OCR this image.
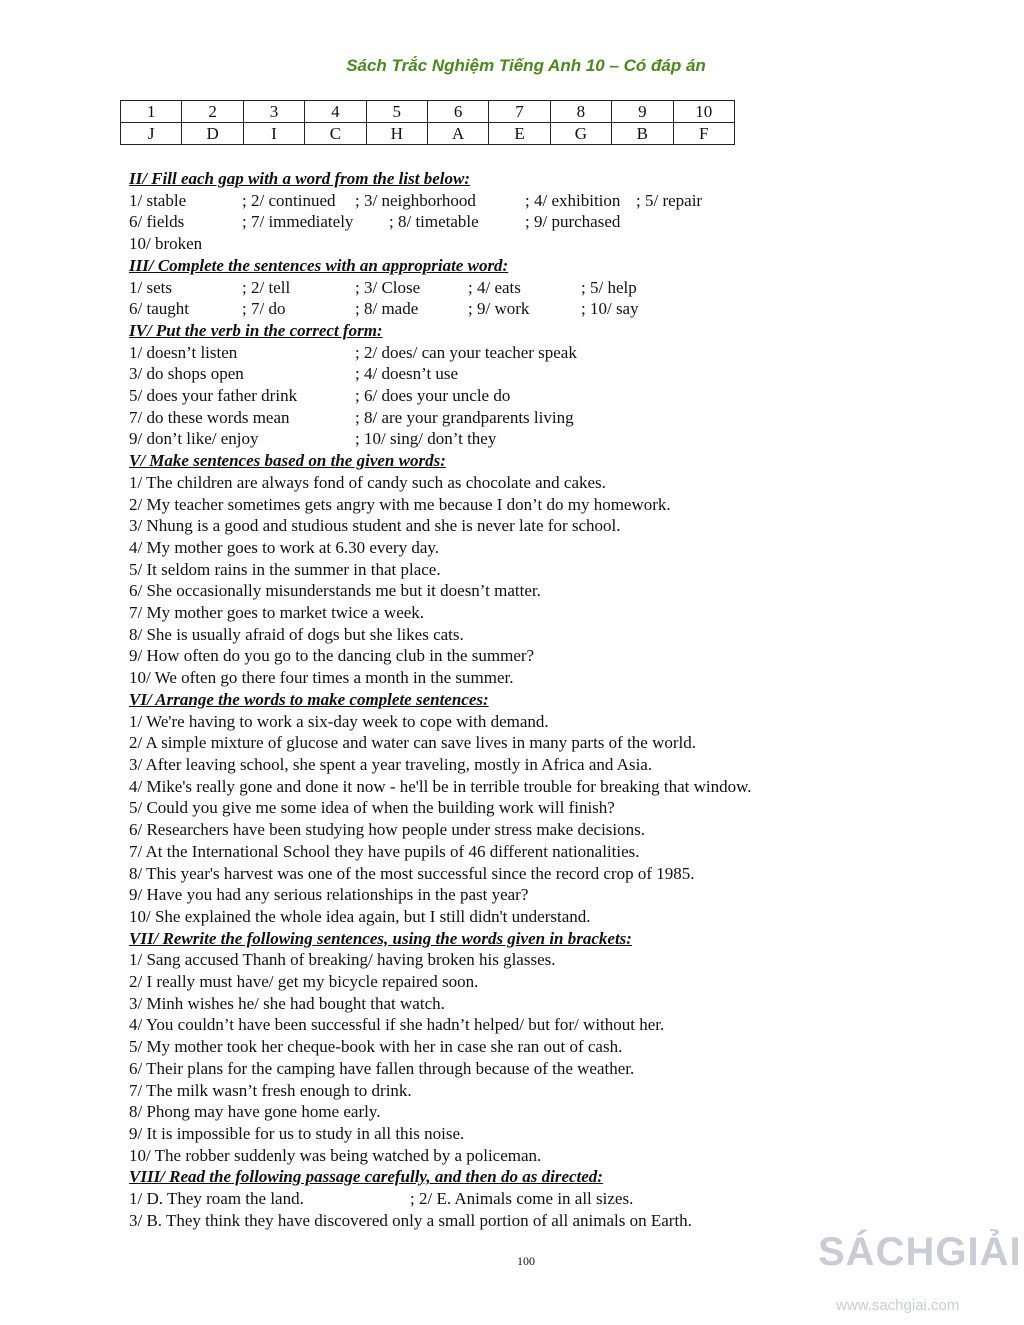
Sách Trắc Nghiệm Tiếng Anh 10 – Có đáp án
1	2	3	4	5	6	7	8	9	10
J	D	I	C	H	A	E	G	B	F
II/ Fill each gap with a word from the list below:
1/ stable	; 2/ continued	; 3/ neighborhood	; 4/ exhibition ; 5/ repair
6/ fields	; 7/ immediately	; 8/ timetable	; 9/ purchased
10/ broken
III/ Complete the sentences with an appropriate word:
1/ sets	; 2/ tell	; 3/ Close	; 4/ eats	; 5/ help
6/ taught	; 7/ do	; 8/ made	; 9/ work	; 10/ say
IV/ Put the verb in the correct form:
1/ doesn’t listen	; 2/ does/ can your teacher speak
3/ do shops open	; 4/ doesn’t use
5/ does your father drink	; 6/ does your uncle do
7/ do these words mean	; 8/ are your grandparents living
9/ don’t like/ enjoy	; 10/ sing/ don’t they
V/ Make sentences based on the given words:
1/ The children are always fond of candy such as chocolate and cakes.
2/ My teacher sometimes gets angry with me because I don’t do my homework.
3/ Nhung is a good and studious student and she is never late for school.
4/ My mother goes to work at 6.30 every day.
5/ It seldom rains in the summer in that place.
6/ She occasionally misunderstands me but it doesn’t matter.
7/ My mother goes to market twice a week.
8/ She is usually afraid of dogs but she likes cats.
9/ How often do you go to the dancing club in the summer?
10/ We often go there four times a month in the summer.
VI/ Arrange the words to make complete sentences:
1/ We're having to work a six-day week to cope with demand.
2/ A simple mixture of glucose and water can save lives in many parts of the world.
3/ After leaving school, she spent a year traveling, mostly in Africa and Asia.
4/ Mike's really gone and done it now - he'll be in terrible trouble for breaking that window.
5/ Could you give me some idea of when the building work will finish?
6/ Researchers have been studying how people under stress make decisions.
7/ At the International School they have pupils of 46 different nationalities.
8/ This year's harvest was one of the most successful since the record crop of 1985.
9/ Have you had any serious relationships in the past year?
10/ She explained the whole idea again, but I still didn't understand.
VII/ Rewrite the following sentences, using the words given in brackets:
1/ Sang accused Thanh of breaking/ having broken his glasses.
2/ I really must have/ get my bicycle repaired soon.
3/ Minh wishes he/ she had bought that watch.
4/ You couldn’t have been successful if she hadn’t helped/ but for/ without her.
5/ My mother took her cheque-book with her in case she ran out of cash.
6/ Their plans for the camping have fallen through because of the weather.
7/ The milk wasn’t fresh enough to drink.
8/ Phong may have gone home early.
9/ It is impossible for us to study in all this noise.
10/ The robber suddenly was being watched by a policeman.
VIII/ Read the following passage carefully, and then do as directed:
1/ D. They roam the land.	; 2/ E. Animals come in all sizes.
3/ B. They think they have discovered only a small portion of all animals on Earth.
100	SÁCHGIẢI
www.sachgiai.com
